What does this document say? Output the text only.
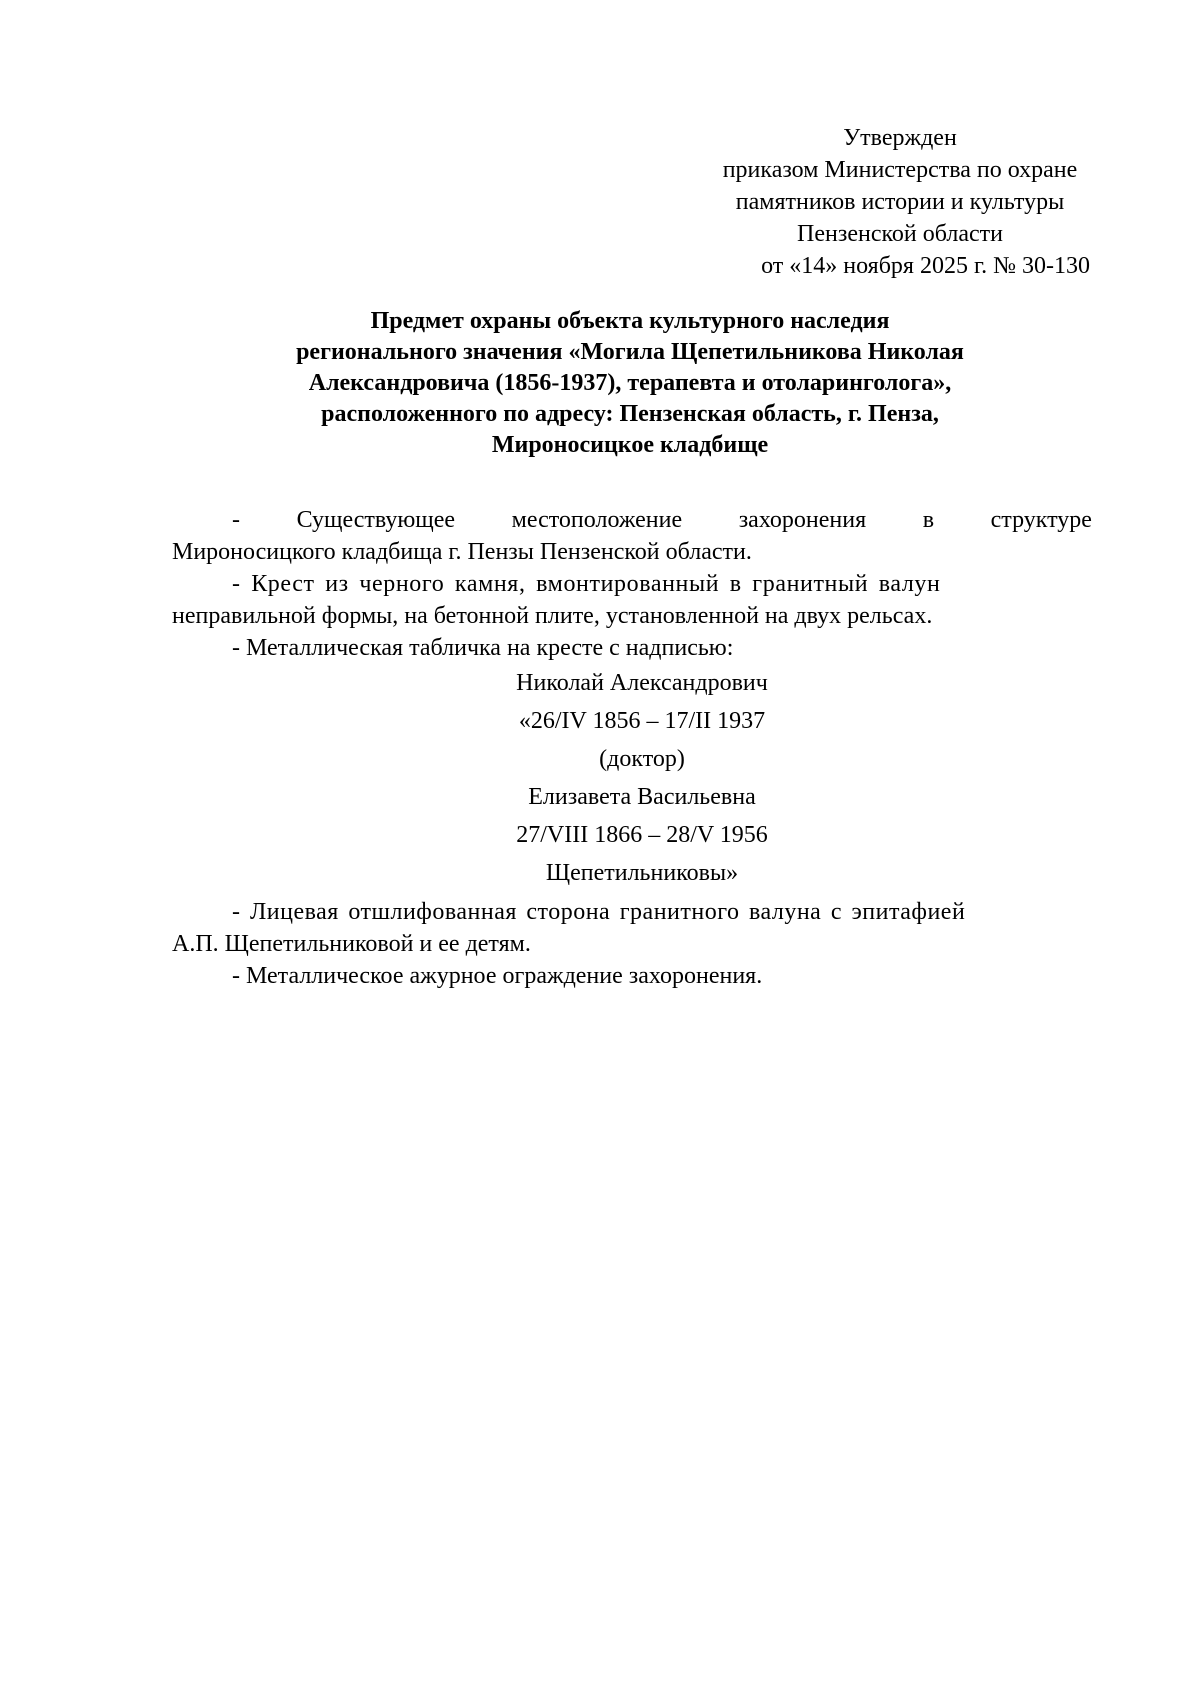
Утвержден
приказом Министерства по охране
памятников истории и культуры
Пензенской области
от «14» ноября 2025 г. № 30-130
Предмет охраны объекта культурного наследия
регионального значения «Могила Щепетильникова Николая
Александровича (1856-1937), терапевта и отоларинголога»,
расположенного по адресу: Пензенская область, г. Пенза,
Мироносицкое кладбище
- Существующее местоположение захоронения в структуре
Мироносицкого кладбища г. Пензы Пензенской области.
- Крест из черного камня, вмонтированный в гранитный валун
неправильной формы, на бетонной плите, установленной на двух рельсах.
- Металлическая табличка на кресте с надписью:
Николай Александрович
«26/IV 1856 – 17/II 1937
(доктор)
Елизавета Васильевна
27/VIII 1866 – 28/V 1956
Щепетильниковы»
- Лицевая отшлифованная сторона гранитного валуна с эпитафией
А.П. Щепетильниковой и ее детям.
- Металлическое ажурное ограждение захоронения.
